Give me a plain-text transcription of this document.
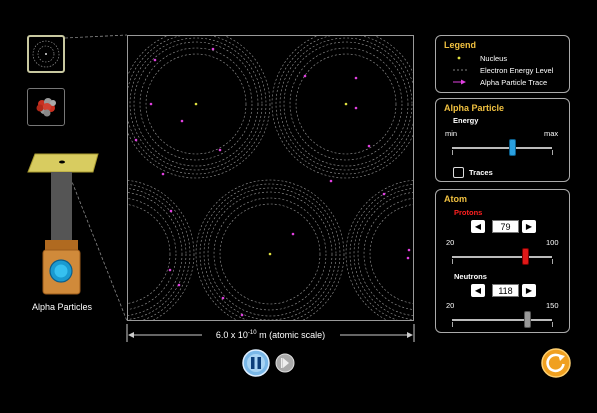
Alpha Particles
6.0 x $10^{-10}$ m (atomic scale)
Legend
Nucleus
Electron Energy Level
Alpha Particle Trace
Alpha Particle
Energy
min	max
Traces
Atom
Protons
◀	79	▶
20	100
Neutrons
◀	118	▶
20	150
